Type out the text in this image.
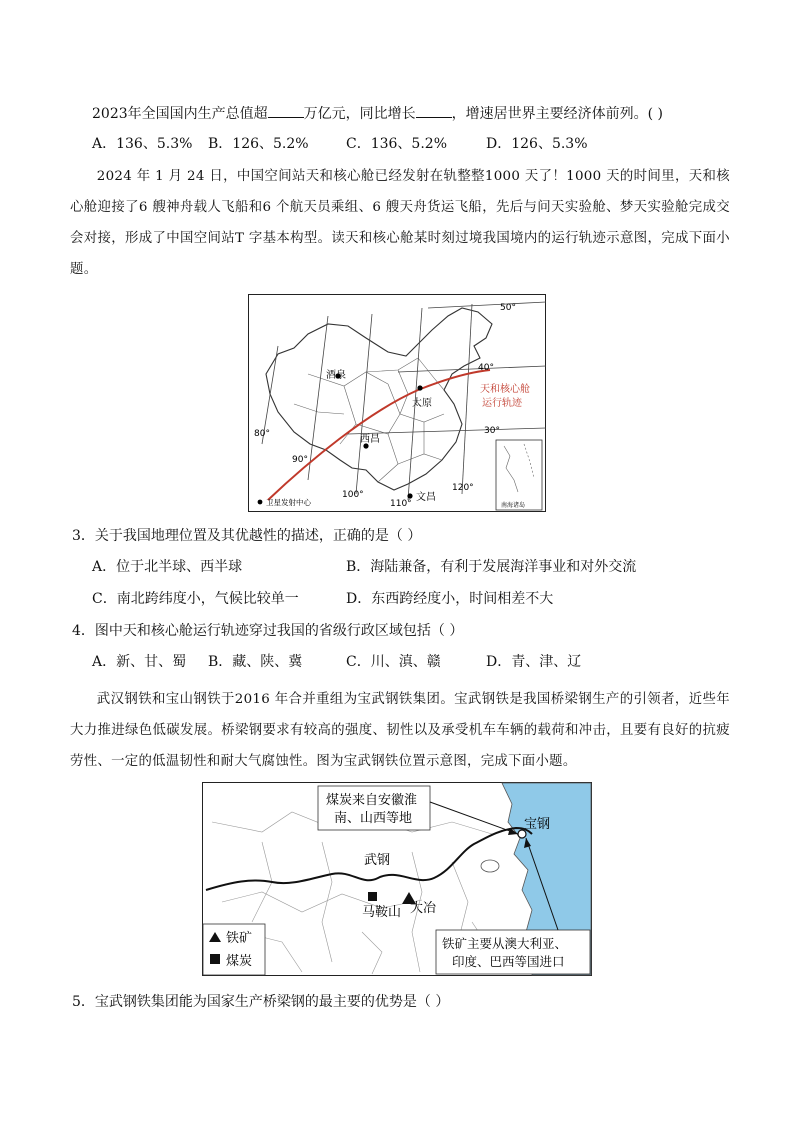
2023年全国国内生产总值超	万亿元，同比增长	，增速居世界主要经济体前列。( )
A．136、5.3% B．126、5.2%	C．136、5.2%	D．126、5.3%
2024 年 1 月 24 日，中国空间站天和核心舱已经发射在轨整整1000 天了！1000 天的时间里，天和核心舱迎接了6 艘神舟载人飞船和6 个航天员乘组、6 艘天舟货运飞船，先后与问天实验舱、梦天实验舱完成交会对接，形成了中国空间站T 字基本构型。读天和核心舱某时刻过境我国境内的运行轨迹示意图，完成下面小题。
酒泉
太原
西昌
文昌
天和核心舱
运行轨迹
50°
40°
30°
80°
90°
100°
110°
120°
卫星发射中心	南海诸岛
3．关于我国地理位置及其优越性的描述，正确的是（ ）
A．位于北半球、西半球	B．海陆兼备，有利于发展海洋事业和对外交流
C．南北跨纬度小，气候比较单一	D．东西跨经度小，时间相差不大
4．图中天和核心舱运行轨迹穿过我国的省级行政区域包括（ ）
A．新、甘、蜀 B．藏、陕、冀	C．川、滇、赣	D．青、津、辽
武汉钢铁和宝山钢铁于2016 年合并重组为宝武钢铁集团。宝武钢铁是我国桥梁钢生产的引领者，近些年大力推进绿色低碳发展。桥梁钢要求有较高的强度、韧性以及承受机车车辆的载荷和冲击，且要有良好的抗疲劳性、一定的低温韧性和耐大气腐蚀性。图为宝武钢铁位置示意图，完成下面小题。
煤炭来自安徽淮
南、山西等地	宝钢
武钢
马鞍山 大冶
铁矿
煤炭
铁矿主要从澳大利亚、
印度、巴西等国进口
5．宝武钢铁集团能为国家生产桥梁钢的最主要的优势是（ ）
